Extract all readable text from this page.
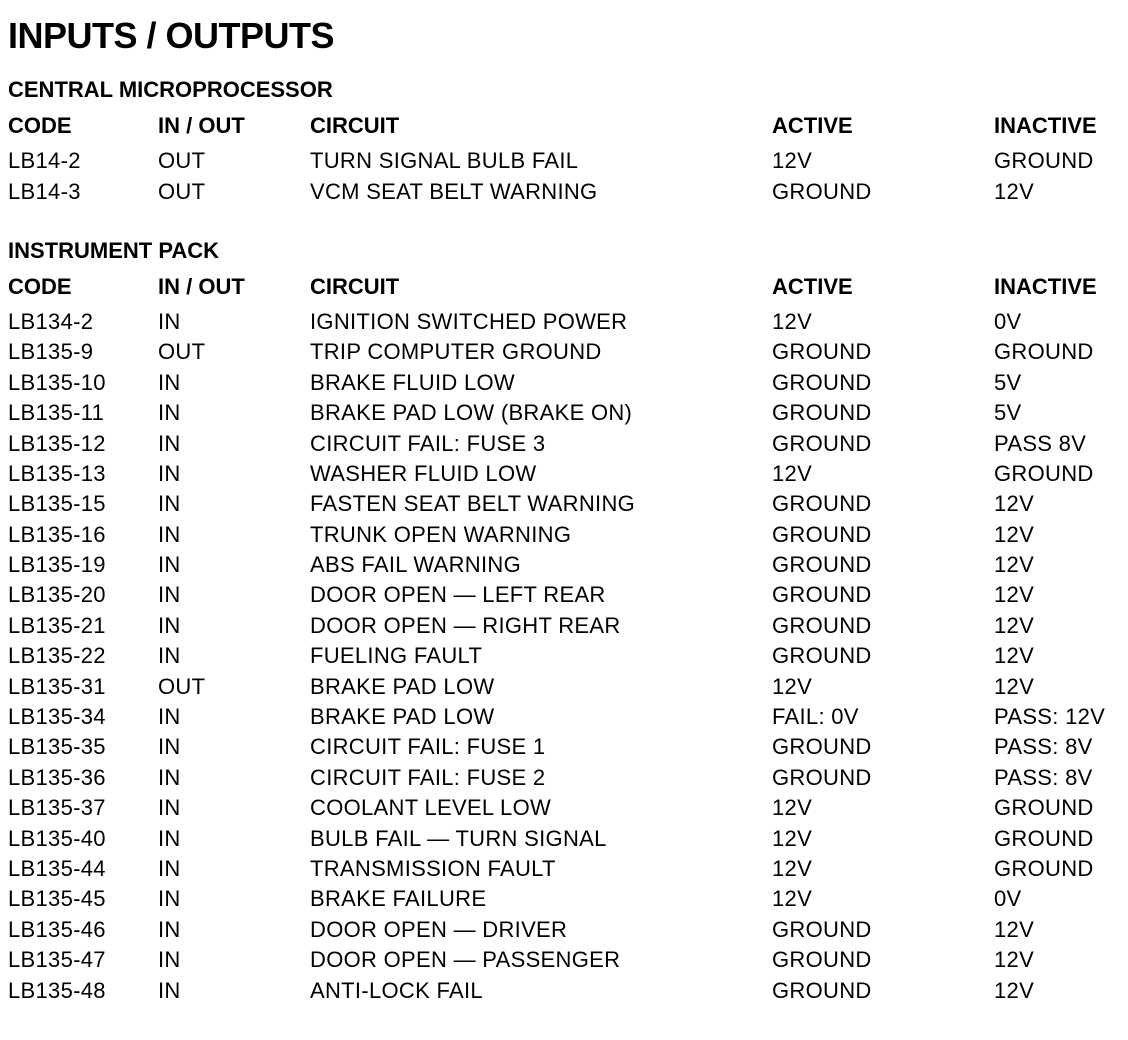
INPUTS / OUTPUTS
CENTRAL MICROPROCESSOR
CODE	IN / OUT	CIRCUIT	ACTIVE	INACTIVE
LB14-2	OUT	TURN SIGNAL BULB FAIL	12V	GROUND
LB14-3	OUT	VCM SEAT BELT WARNING	GROUND	12V
INSTRUMENT PACK
CODE	IN / OUT	CIRCUIT	ACTIVE	INACTIVE
LB134-2	IN	IGNITION SWITCHED POWER	12V	0V
LB135-9	OUT	TRIP COMPUTER GROUND	GROUND	GROUND
LB135-10	IN	BRAKE FLUID LOW	GROUND	5V
LB135-11	IN	BRAKE PAD LOW (BRAKE ON)	GROUND	5V
LB135-12	IN	CIRCUIT FAIL: FUSE 3	GROUND	PASS 8V
LB135-13	IN	WASHER FLUID LOW	12V	GROUND
LB135-15	IN	FASTEN SEAT BELT WARNING	GROUND	12V
LB135-16	IN	TRUNK OPEN WARNING	GROUND	12V
LB135-19	IN	ABS FAIL WARNING	GROUND	12V
LB135-20	IN	DOOR OPEN — LEFT REAR	GROUND	12V
LB135-21	IN	DOOR OPEN — RIGHT REAR	GROUND	12V
LB135-22	IN	FUELING FAULT	GROUND	12V
LB135-31	OUT	BRAKE PAD LOW	12V	12V
LB135-34	IN	BRAKE PAD LOW	FAIL: 0V	PASS: 12V
LB135-35	IN	CIRCUIT FAIL: FUSE 1	GROUND	PASS: 8V
LB135-36	IN	CIRCUIT FAIL: FUSE 2	GROUND	PASS: 8V
LB135-37	IN	COOLANT LEVEL LOW	12V	GROUND
LB135-40	IN	BULB FAIL — TURN SIGNAL	12V	GROUND
LB135-44	IN	TRANSMISSION FAULT	12V	GROUND
LB135-45	IN	BRAKE FAILURE	12V	0V
LB135-46	IN	DOOR OPEN — DRIVER	GROUND	12V
LB135-47	IN	DOOR OPEN — PASSENGER	GROUND	12V
LB135-48	IN	ANTI-LOCK FAIL	GROUND	12V
